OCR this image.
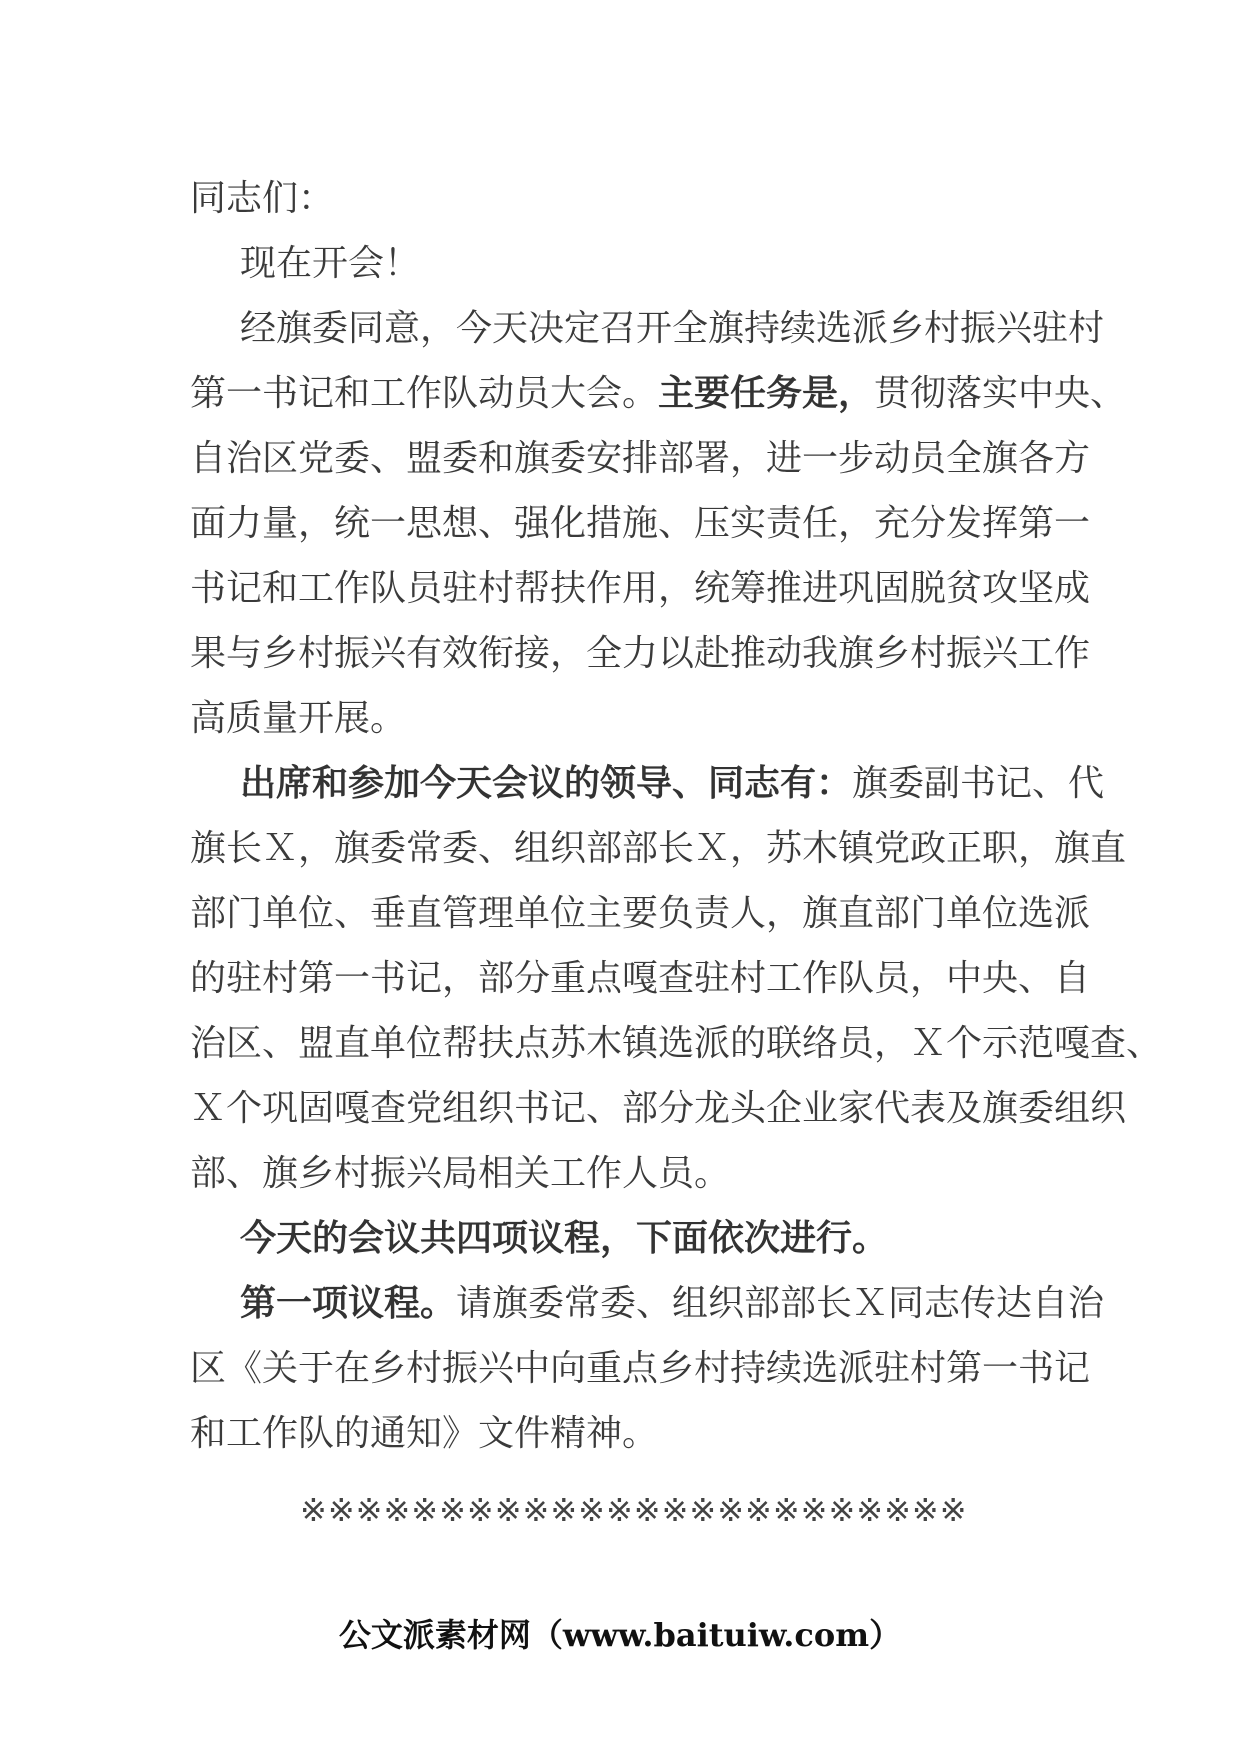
同志们：
现在开会！
经旗委同意，今天决定召开全旗持续选派乡村振兴驻村
第一书记和工作队动员大会。主要任务是，贯彻落实中央、
自治区党委、盟委和旗委安排部署，进一步动员全旗各方
面力量，统一思想、强化措施、压实责任，充分发挥第一
书记和工作队员驻村帮扶作用，统筹推进巩固脱贫攻坚成
果与乡村振兴有效衔接，全力以赴推动我旗乡村振兴工作
高质量开展。
出席和参加今天会议的领导、同志有：旗委副书记、代
旗长Ｘ，旗委常委、组织部部长Ｘ，苏木镇党政正职，旗直
部门单位、垂直管理单位主要负责人，旗直部门单位选派
的驻村第一书记，部分重点嘎查驻村工作队员，中央、自
治区、盟直单位帮扶点苏木镇选派的联络员，Ｘ个示范嘎查、
Ｘ个巩固嘎查党组织书记、部分龙头企业家代表及旗委组织
部、旗乡村振兴局相关工作人员。
今天的会议共四项议程，下面依次进行。
第一项议程。请旗委常委、组织部部长Ｘ同志传达自治
区《关于在乡村振兴中向重点乡村持续选派驻村第一书记
和工作队的通知》文件精神。
※※※※※※※※※※※※※※※※※※※※※※※※
公文派素材网（www.baituiw.com）
